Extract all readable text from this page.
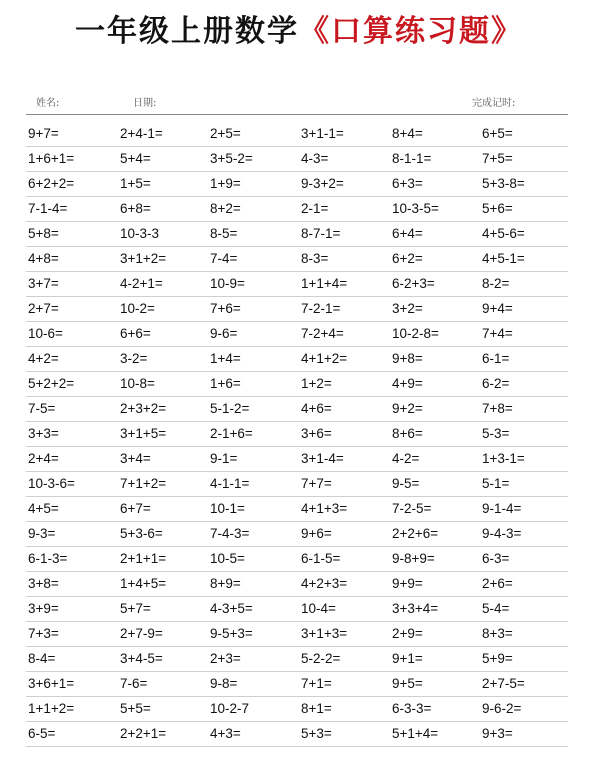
一年级上册数学《口算练习题》
姓名:	日期:	完成记时:
9+7=	2+4-1=	2+5=	3+1-1=	8+4=	6+5=
1+6+1=	5+4=	3+5-2=	4-3=	8-1-1=	7+5=
6+2+2=	1+5=	1+9=	9-3+2=	6+3=	5+3-8=
7-1-4=	6+8=	8+2=	2-1=	10-3-5=	5+6=
5+8=	10-3-3	8-5=	8-7-1=	6+4=	4+5-6=
4+8=	3+1+2=	7-4=	8-3=	6+2=	4+5-1=
3+7=	4-2+1=	10-9=	1+1+4=	6-2+3=	8-2=
2+7=	10-2=	7+6=	7-2-1=	3+2=	9+4=
10-6=	6+6=	9-6=	7-2+4=	10-2-8=	7+4=
4+2=	3-2=	1+4=	4+1+2=	9+8=	6-1=
5+2+2=	10-8=	1+6=	1+2=	4+9=	6-2=
7-5=	2+3+2=	5-1-2=	4+6=	9+2=	7+8=
3+3=	3+1+5=	2-1+6=	3+6=	8+6=	5-3=
2+4=	3+4=	9-1=	3+1-4=	4-2=	1+3-1=
10-3-6=	7+1+2=	4-1-1=	7+7=	9-5=	5-1=
4+5=	6+7=	10-1=	4+1+3=	7-2-5=	9-1-4=
9-3=	5+3-6=	7-4-3=	9+6=	2+2+6=	9-4-3=
6-1-3=	2+1+1=	10-5=	6-1-5=	9-8+9=	6-3=
3+8=	1+4+5=	8+9=	4+2+3=	9+9=	2+6=
3+9=	5+7=	4-3+5=	10-4=	3+3+4=	5-4=
7+3=	2+7-9=	9-5+3=	3+1+3=	2+9=	8+3=
8-4=	3+4-5=	2+3=	5-2-2=	9+1=	5+9=
3+6+1=	7-6=	9-8=	7+1=	9+5=	2+7-5=
1+1+2=	5+5=	10-2-7	8+1=	6-3-3=	9-6-2=
6-5=	2+2+1=	4+3=	5+3=	5+1+4=	9+3=
